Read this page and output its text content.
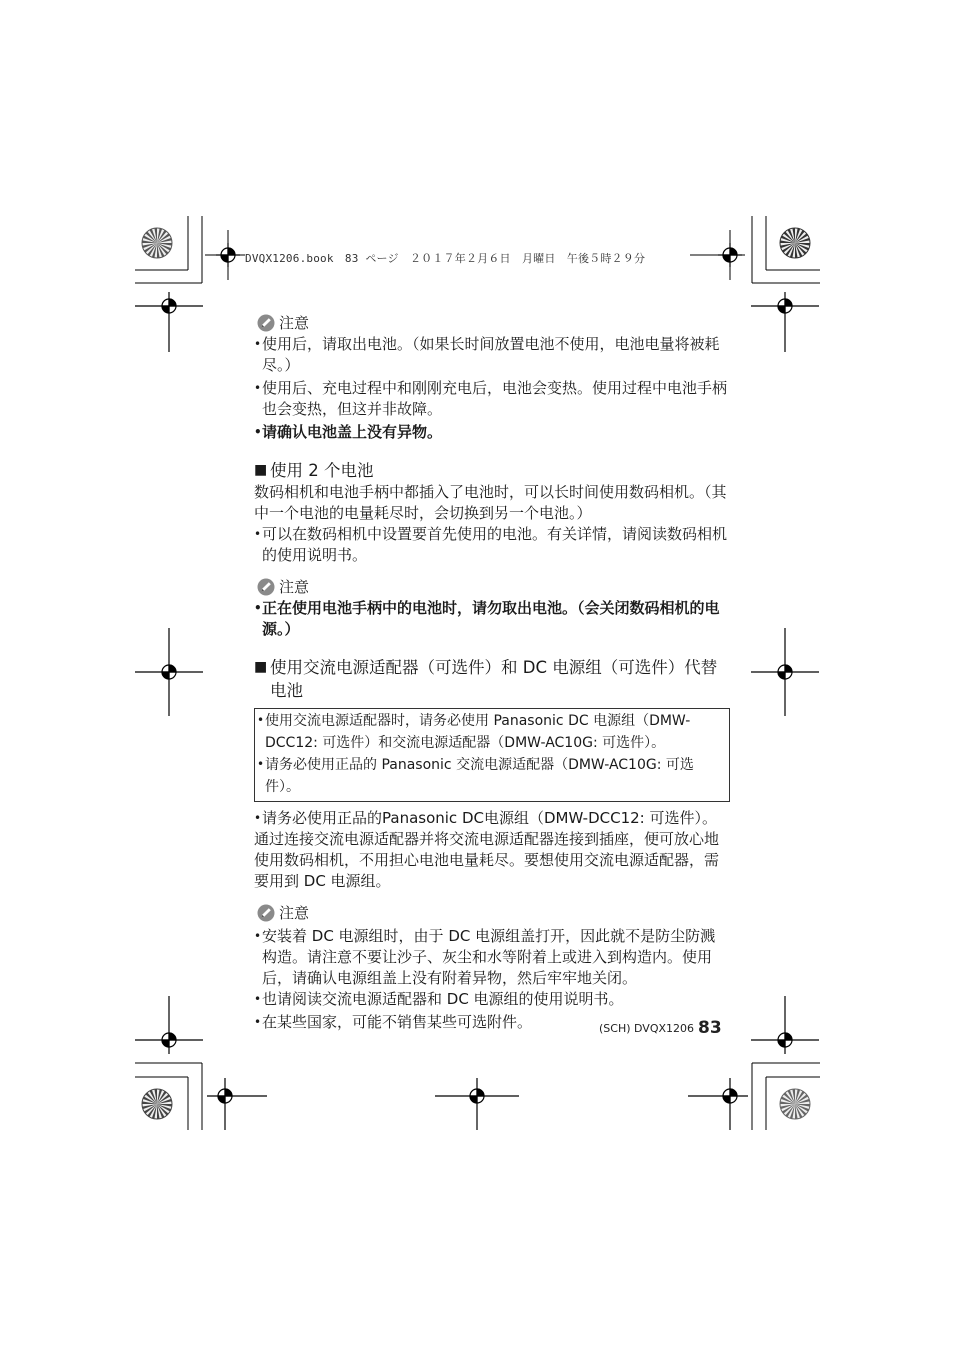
DVQX1206.book　83 ページ　２０１７年２月６日　月曜日　午後５時２９分
注意
• 使用后，请取出电池。（如果长时间放置电池不使用，电池电量将被耗尽。）
• 使用后、充电过程中和刚刚充电后，电池会变热。使用过程中电池手柄也会变热，但这并非故障。
• 请确认电池盖上没有异物。
■ 使用 2 个电池

数码相机和电池手柄中都插入了电池时，可以长时间使用数码相机。（其中一个电池的电量耗尽时，会切换到另一个电池。）

• 可以在数码相机中设置要首先使用的电池。有关详情，请阅读数码相机的使用说明书。
注意
• 正在使用电池手柄中的电池时，请勿取出电池。（会关闭数码相机的电源。）
■ 使用交流电源适配器（可选件）和 DC 电源组（可选件）代替电池
• 使用交流电源适配器时，请务必使用 Panasonic DC 电源组（DMW-DCC12: 可选件）和交流电源适配器（DMW-AC10G: 可选件）。
• 请务必使用正品的 Panasonic 交流电源适配器（DMW-AC10G: 可选件）。
• 请务必使用正品的Panasonic DC电源组（DMW-DCC12: 可选件）。

通过连接交流电源适配器并将交流电源适配器连接到插座，便可放心地使用数码相机，不用担心电池电量耗尽。要想使用交流电源适配器，需要用到 DC 电源组。

注意
• 安装着 DC 电源组时，由于 DC 电源组盖打开，因此就不是防尘防溅构造。请注意不要让沙子、灰尘和水等附着上或进入到构造内。使用后，请确认电源组盖上没有附着异物，然后牢牢地关闭。
• 也请阅读交流电源适配器和 DC 电源组的使用说明书。
• 在某些国家，可能不销售某些可选附件。	(SCH) DVQX1206 83
